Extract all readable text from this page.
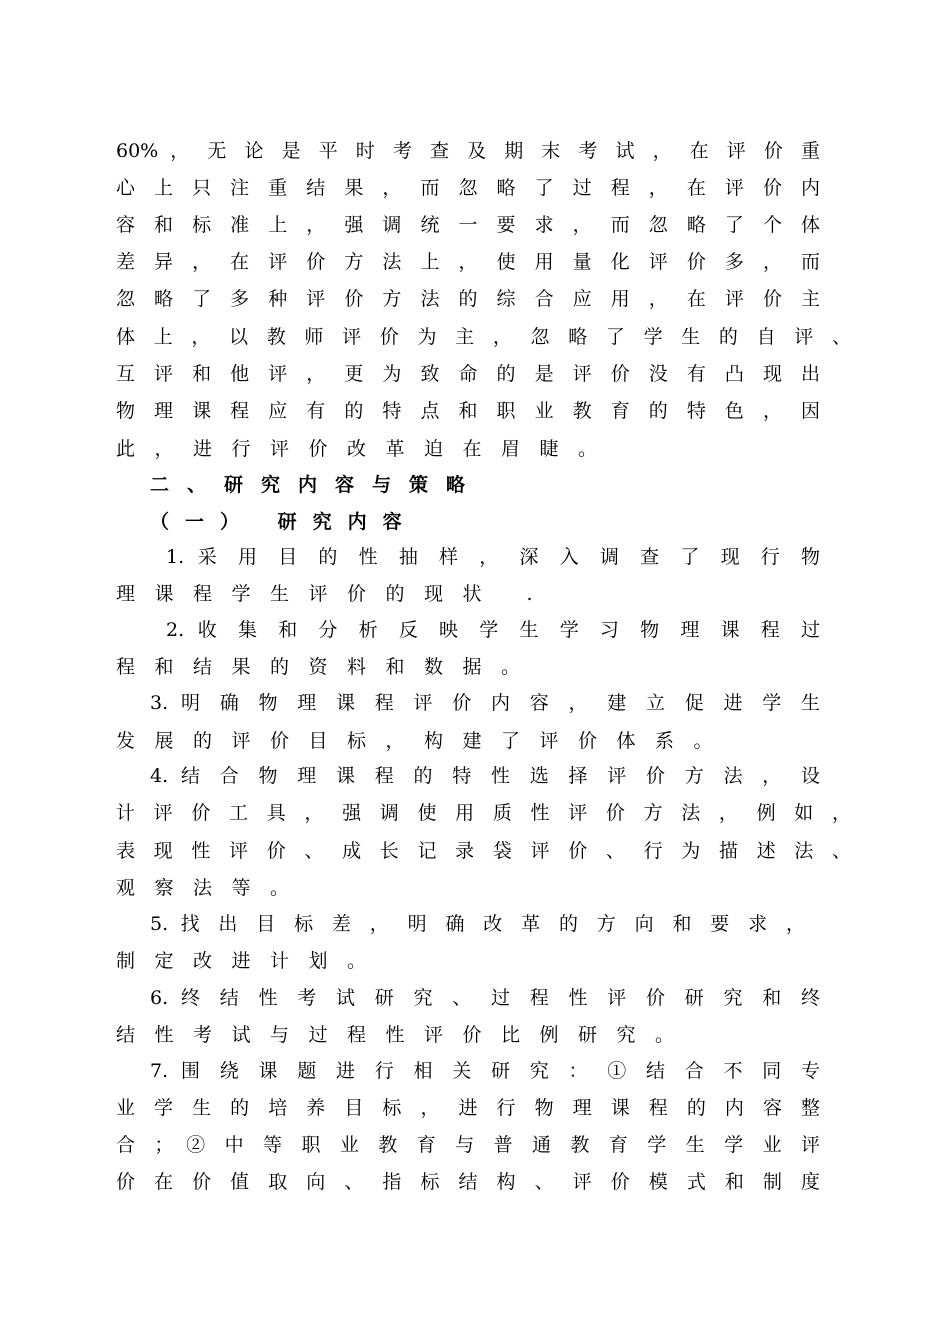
60% ， 无 论 是 平 时 考 查 及 期 末 考 试 ， 在 评 价 重
心 上 只 注 重 结 果 ， 而 忽 略 了 过 程 ， 在 评 价 内
容 和 标 准 上 ， 强 调 统 一 要 求 ， 而 忽 略 了 个 体
差 异 ， 在 评 价 方 法 上 ， 使 用 量 化 评 价 多 ， 而
忽 略 了 多 种 评 价 方 法 的 综 合 应 用 ， 在 评 价 主
体 上 ， 以 教 师 评 价 为 主 ， 忽 略 了 学 生 的 自 评 、
互 评 和 他 评 ， 更 为 致 命 的 是 评 价 没 有 凸 现 出
物 理 课 程 应 有 的 特 点 和 职 业 教 育 的 特 色 ， 因
此，进行评价改革迫在眉睫。
二、研究内容与策略
（一） 研究内容
1. 采 用 目 的 性 抽 样 ， 深 入 调 查 了 现 行 物
理课程学生评价的现状 .
2. 收 集 和 分 析 反 映 学 生 学 习 物 理 课 程 过
程和结果的资料和数据。
3. 明 确 物 理 课 程 评 价 内 容 ， 建 立 促 进 学 生
发展的评价目标，构建了评价体系。
4. 结 合 物 理 课 程 的 特 性 选 择 评 价 方 法 ， 设
计 评 价 工 具 ， 强 调 使 用 质 性 评 价 方 法 ， 例 如 ，
表 现 性 评 价 、 成 长 记 录 袋 评 价 、 行 为 描 述 法 、
观察法等。
5. 找 出 目 标 差 ， 明 确 改 革 的 方 向 和 要 求 ，
制定改进计划。
6. 终 结 性 考 试 研 究 、 过 程 性 评 价 研 究 和 终
结性考试与过程性评价比例研究。
7. 围 绕 课 题 进 行 相 关 研 究 ： ① 结 合 不 同 专
业 学 生 的 培 养 目 标 ， 进 行 物 理 课 程 的 内 容 整
合 ； ② 中 等 职 业 教 育 与 普 通 教 育 学 生 学 业 评
价 在 价 值 取 向 、 指 标 结 构 、 评 价 模 式 和 制 度
